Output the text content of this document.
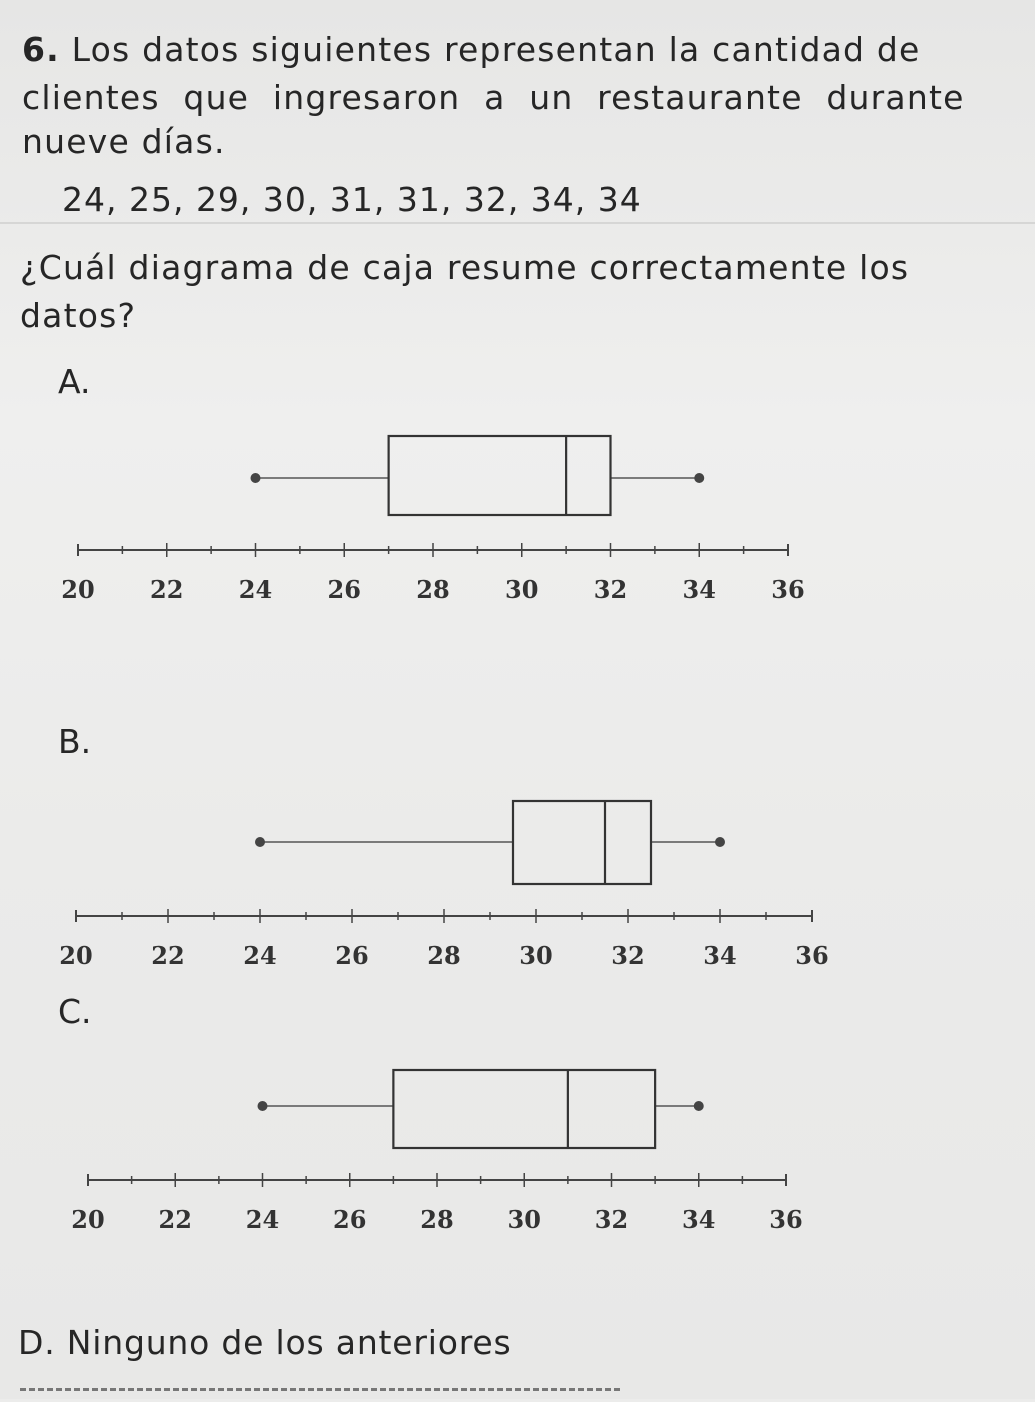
6. Los datos siguientes representan la cantidad de
clientes que ingresaron a un restaurante durante
nueve días.
24, 25, 29, 30, 31, 31, 32, 34, 34
¿Cuál diagrama de caja resume correctamente los
datos?
A.
20 22 24 26 28 30 32 34 36
B.
20 22 24 26 28 30 32 34 36
C.
20 22 24 26 28 30 32 34 36
D. Ninguno de los anteriores
